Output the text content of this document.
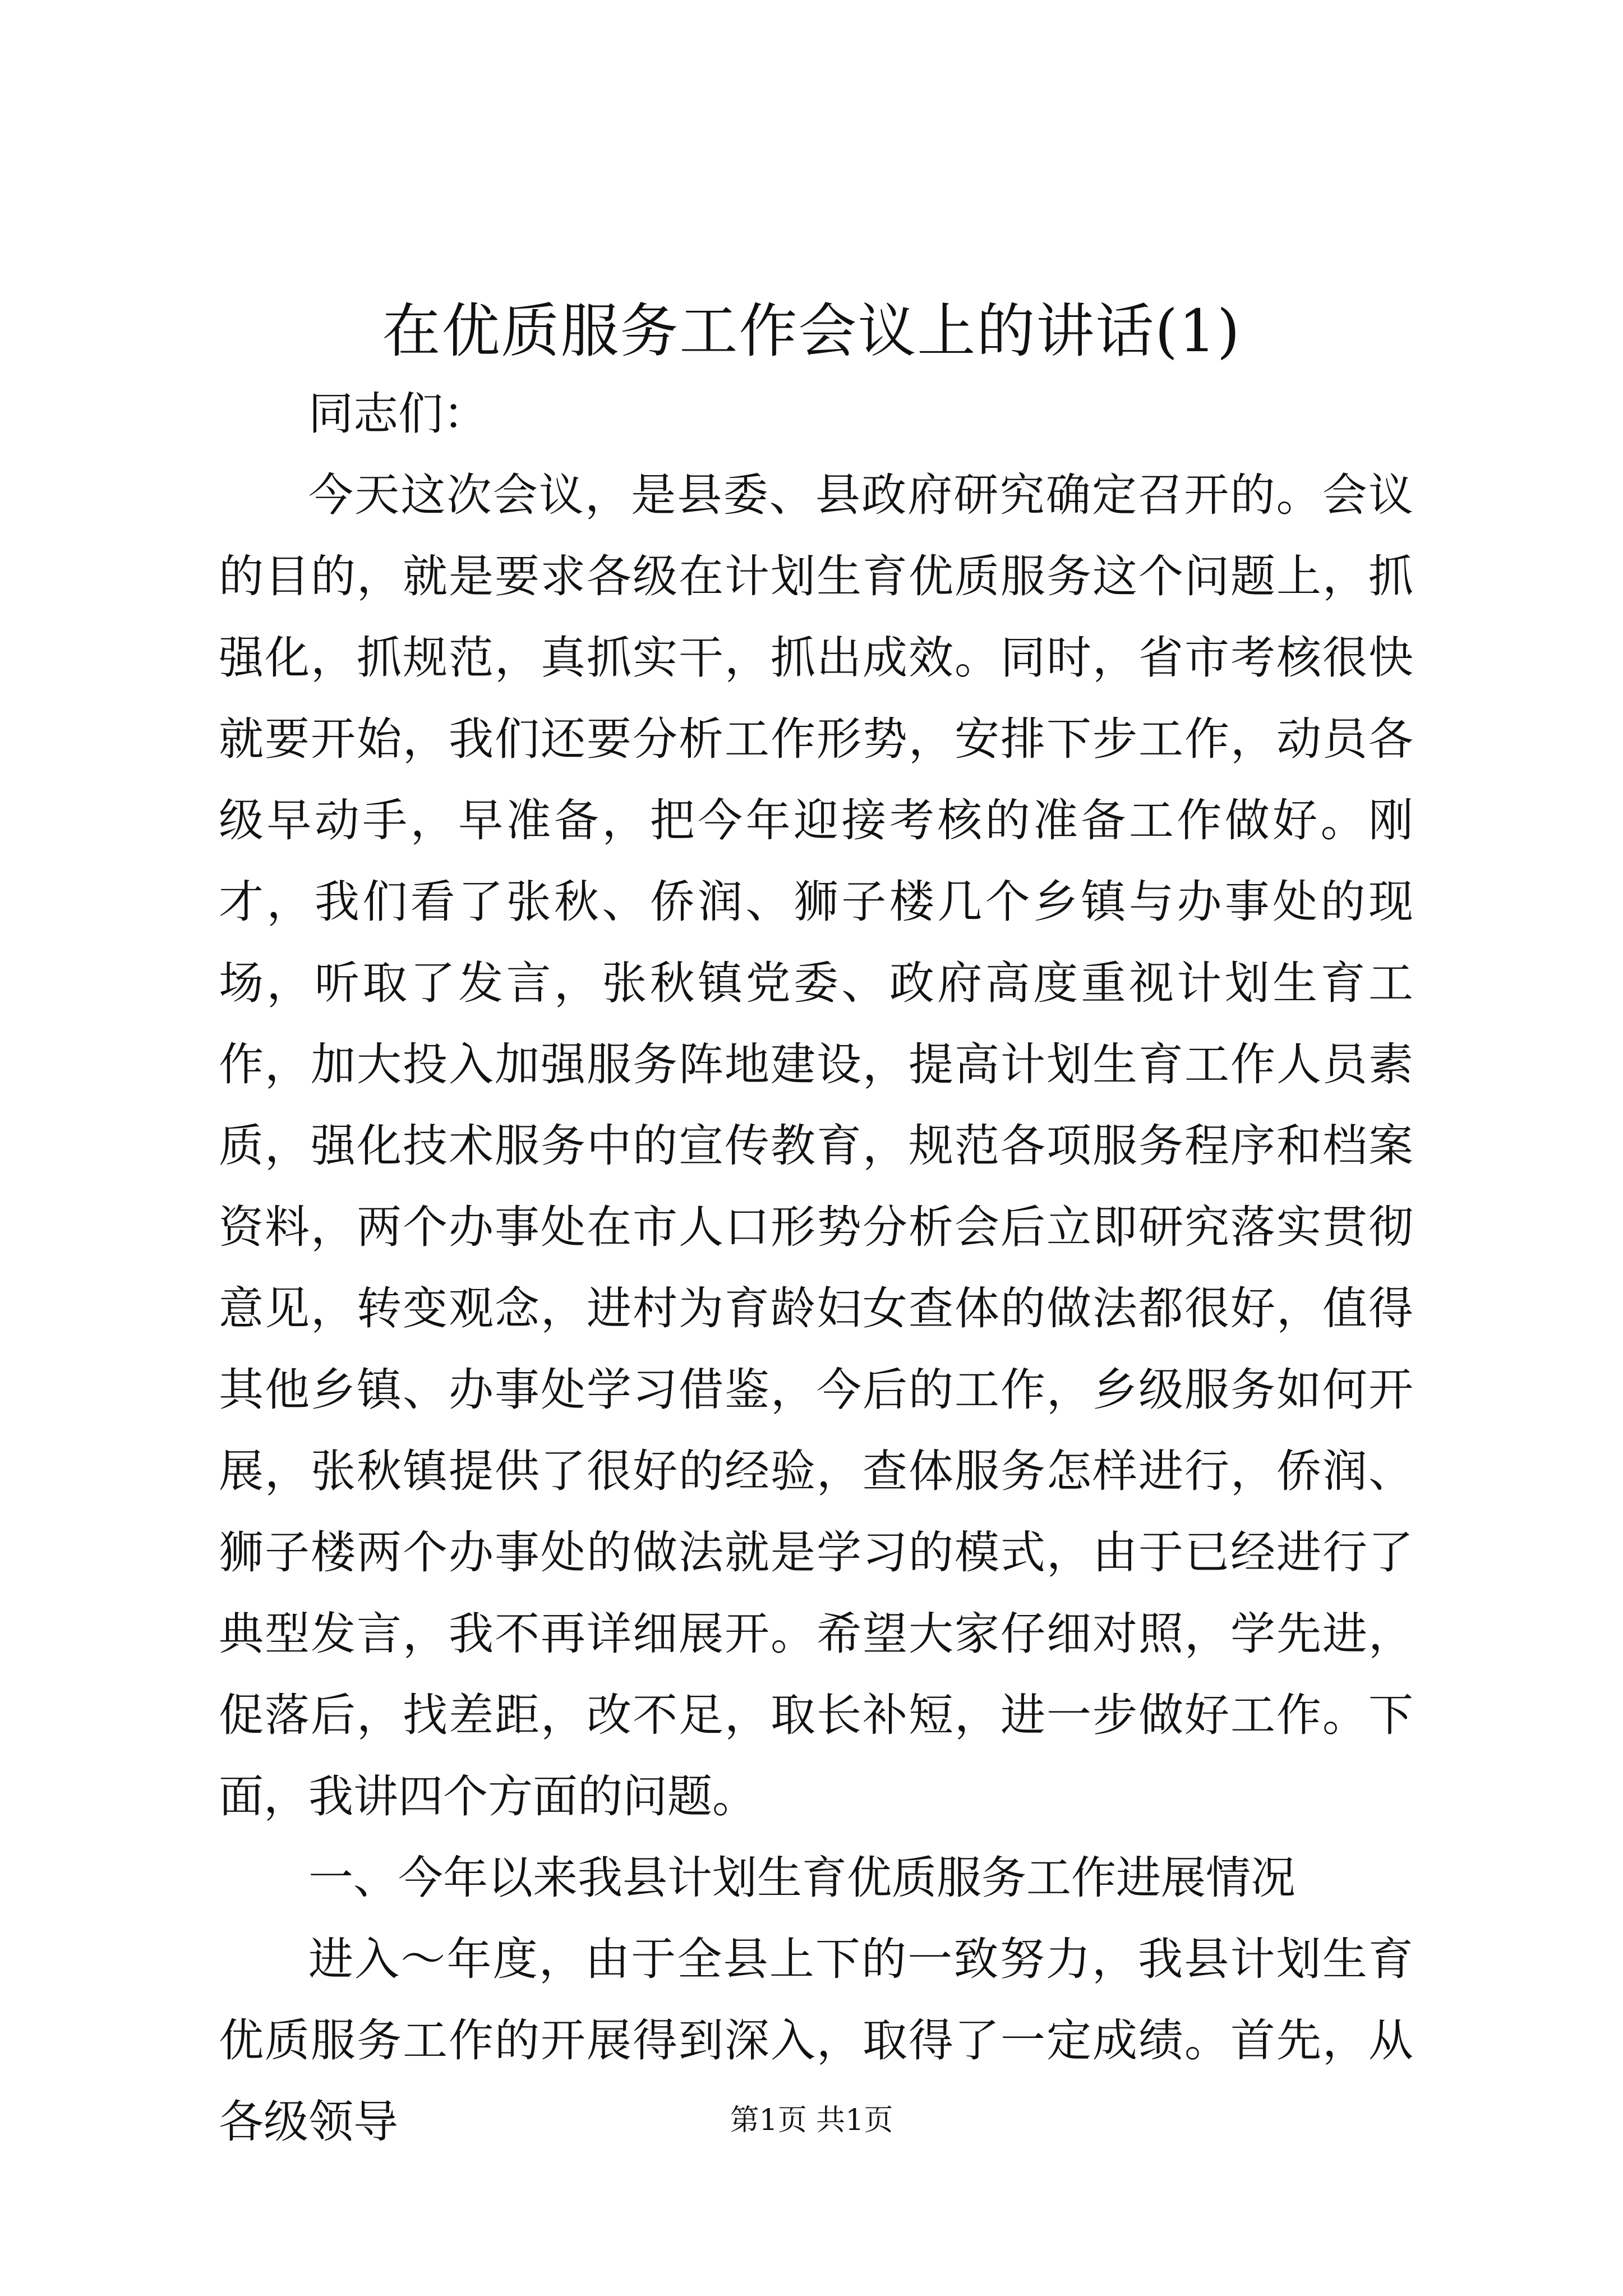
在优质服务工作会议上的讲话(1)

同志们：

今天这次会议，是县委、县政府研究确定召开的。会议的目的，就是要求各级在计划生育优质服务这个问题上，抓强化，抓规范，真抓实干，抓出成效。同时，省市考核很快就要开始，我们还要分析工作形势，安排下步工作，动员各级早动手，早准备，把今年迎接考核的准备工作做好。刚才，我们看了张秋、侨润、狮子楼几个乡镇与办事处的现场，听取了发言，张秋镇党委、政府高度重视计划生育工作，加大投入加强服务阵地建设，提高计划生育工作人员素质，强化技术服务中的宣传教育，规范各项服务程序和档案资料，两个办事处在市人口形势分析会后立即研究落实贯彻意见，转变观念，进村为育龄妇女查体的做法都很好，值得其他乡镇、办事处学习借鉴，今后的工作，乡级服务如何开展，张秋镇提供了很好的经验，查体服务怎样进行，侨润、狮子楼两个办事处的做法就是学习的模式，由于已经进行了典型发言，我不再详细展开。希望大家仔细对照，学先进，促落后，找差距，改不足，取长补短，进一步做好工作。下面，我讲四个方面的问题。

一、今年以来我县计划生育优质服务工作进展情况

进入～年度，由于全县上下的一致努力，我县计划生育优质服务工作的开展得到深入，取得了一定成绩。首先，从各级领导	第1页 共1页
